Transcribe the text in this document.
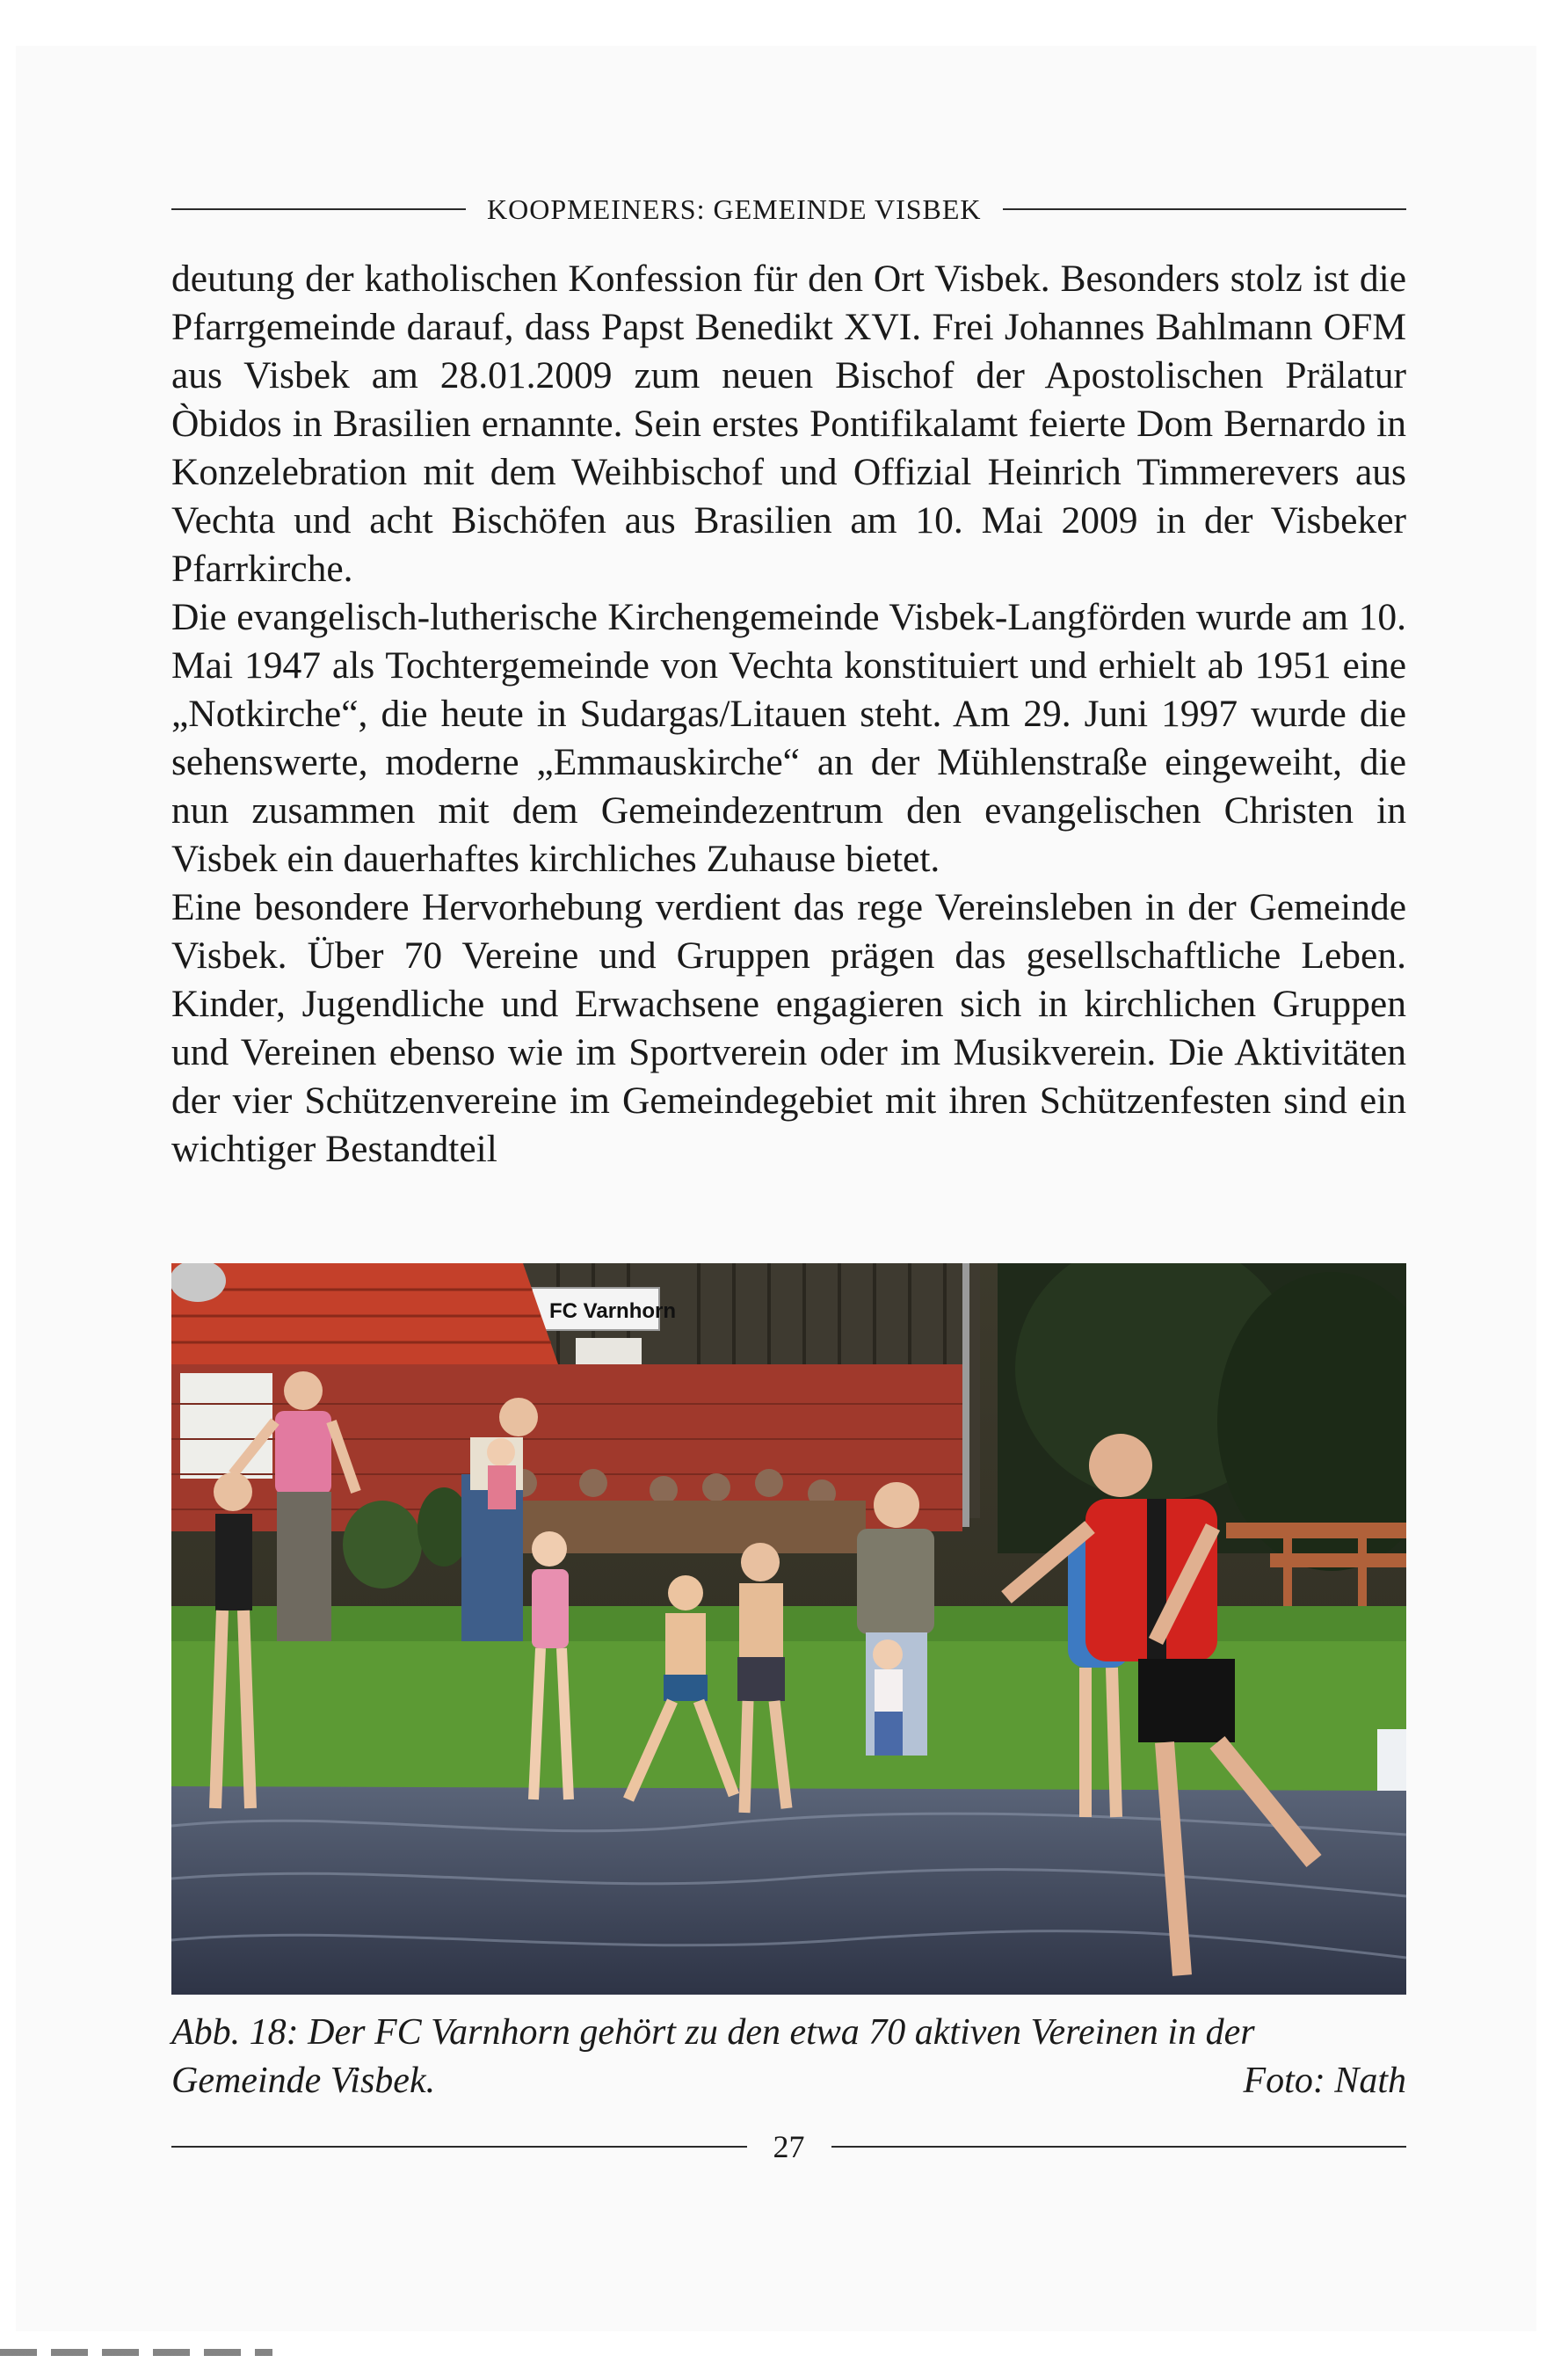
KOOPMEINERS: GEMEINDE VISBEK

deutung der katholischen Konfession für den Ort Visbek. Besonders stolz ist die Pfarrgemeinde darauf, dass Papst Benedikt XVI. Frei Johannes Bahlmann OFM aus Visbek am 28.01.2009 zum neuen Bischof der Apostolischen Prälatur Òbidos in Brasilien ernannte. Sein erstes Pontifikalamt feierte Dom Bernardo in Konzelebration mit dem Weihbischof und Offizial Heinrich Timmerevers aus Vechta und acht Bischöfen aus Brasilien am 10. Mai 2009 in der Visbeker Pfarrkirche.

Die evangelisch-lutherische Kirchengemeinde Visbek-Langförden wurde am 10. Mai 1947 als Tochtergemeinde von Vechta konstituiert und erhielt ab 1951 eine „Notkirche“, die heute in Sudargas/Litauen steht. Am 29. Juni 1997 wurde die sehenswerte, moderne „Emmauskirche“ an der Mühlenstraße eingeweiht, die nun zusammen mit dem Gemeindezentrum den evangelischen Christen in Visbek ein dauerhaftes kirchliches Zuhause bietet.

Eine besondere Hervorhebung verdient das rege Vereinsleben in der Gemeinde Visbek. Über 70 Vereine und Gruppen prägen das gesellschaftliche Leben. Kinder, Jugendliche und Erwachsene engagieren sich in kirchlichen Gruppen und Vereinen ebenso wie im Sportverein oder im Musikverein. Die Aktivitäten der vier Schützenvereine im Gemeindegebiet mit ihren Schützenfesten sind ein wichtiger Bestandteil

FC Varnhorn
Abb. 18: Der FC Varnhorn gehört zu den etwa 70 aktiven Vereinen in der
Gemeinde Visbek.	Foto: Nath
27
